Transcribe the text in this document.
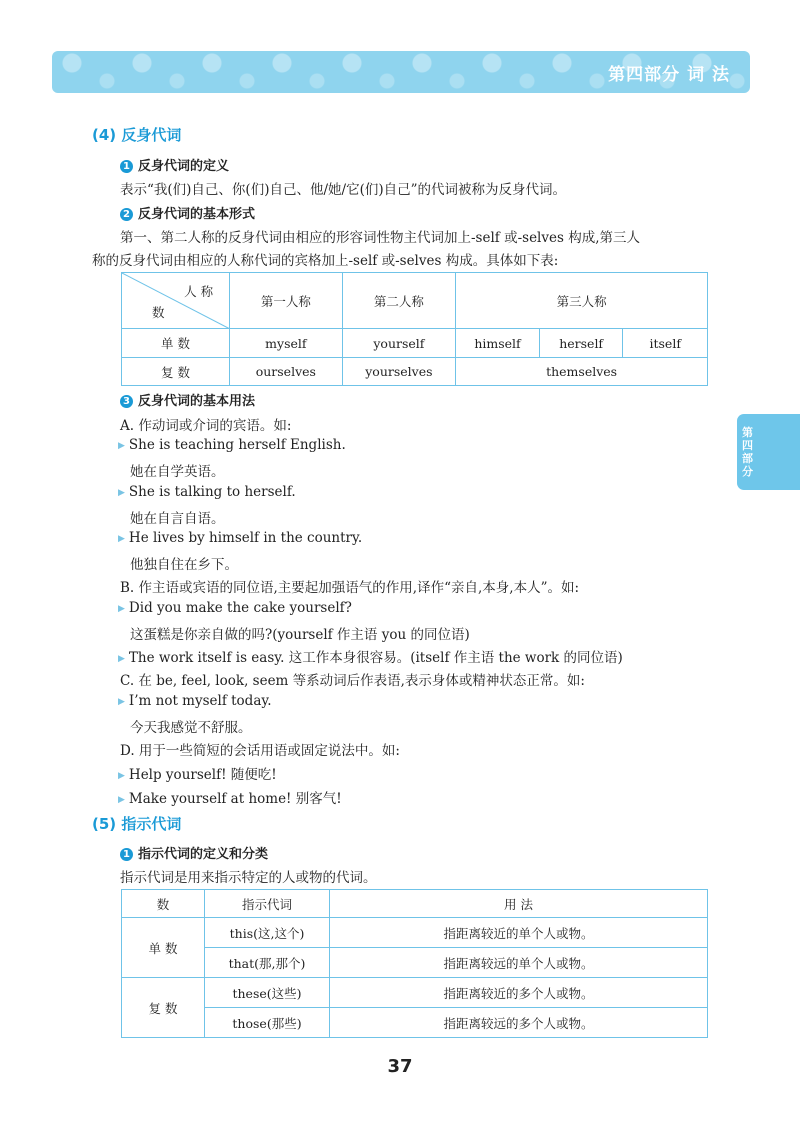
第四部分 词 法
第四部分
(4) 反身代词
1 反身代词的定义
表示“我(们)自己、你(们)自己、他/她/它(们)自己”的代词被称为反身代词。
2 反身代词的基本形式
第一、第二人称的反身代词由相应的形容词性物主代词加上-self 或-selves 构成,第三人
称的反身代词由相应的人称代词的宾格加上-self 或-selves 构成。具体如下表:
人 称
数	第一人称	第二人称	第三人称		
单 数	myself	yourself	himself	herself	itself
复 数	ourselves	yourselves	themselves		
3 反身代词的基本用法
A. 作动词或介词的宾语。如:
▶ She is teaching herself English.
她在自学英语。
▶ She is talking to herself.
她在自言自语。
▶ He lives by himself in the country.
他独自住在乡下。
B. 作主语或宾语的同位语,主要起加强语气的作用,译作“亲自,本身,本人”。如:
▶ Did you make the cake yourself?
这蛋糕是你亲自做的吗?(yourself 作主语 you 的同位语)
▶ The work itself is easy. 这工作本身很容易。(itself 作主语 the work 的同位语)
C. 在 be, feel, look, seem 等系动词后作表语,表示身体或精神状态正常。如:
▶ I’m not myself today.
今天我感觉不舒服。
D. 用于一些简短的会话用语或固定说法中。如:
▶ Help yourself! 随便吃!
▶ Make yourself at home! 别客气!
(5) 指示代词
1 指示代词的定义和分类
指示代词是用来指示特定的人或物的代词。
数	指示代词	用 法
单 数	this(这,这个)	指距离较近的单个人或物。
	that(那,那个)	指距离较远的单个人或物。
复 数	these(这些)	指距离较近的多个人或物。
	those(那些)	指距离较远的多个人或物。
37
